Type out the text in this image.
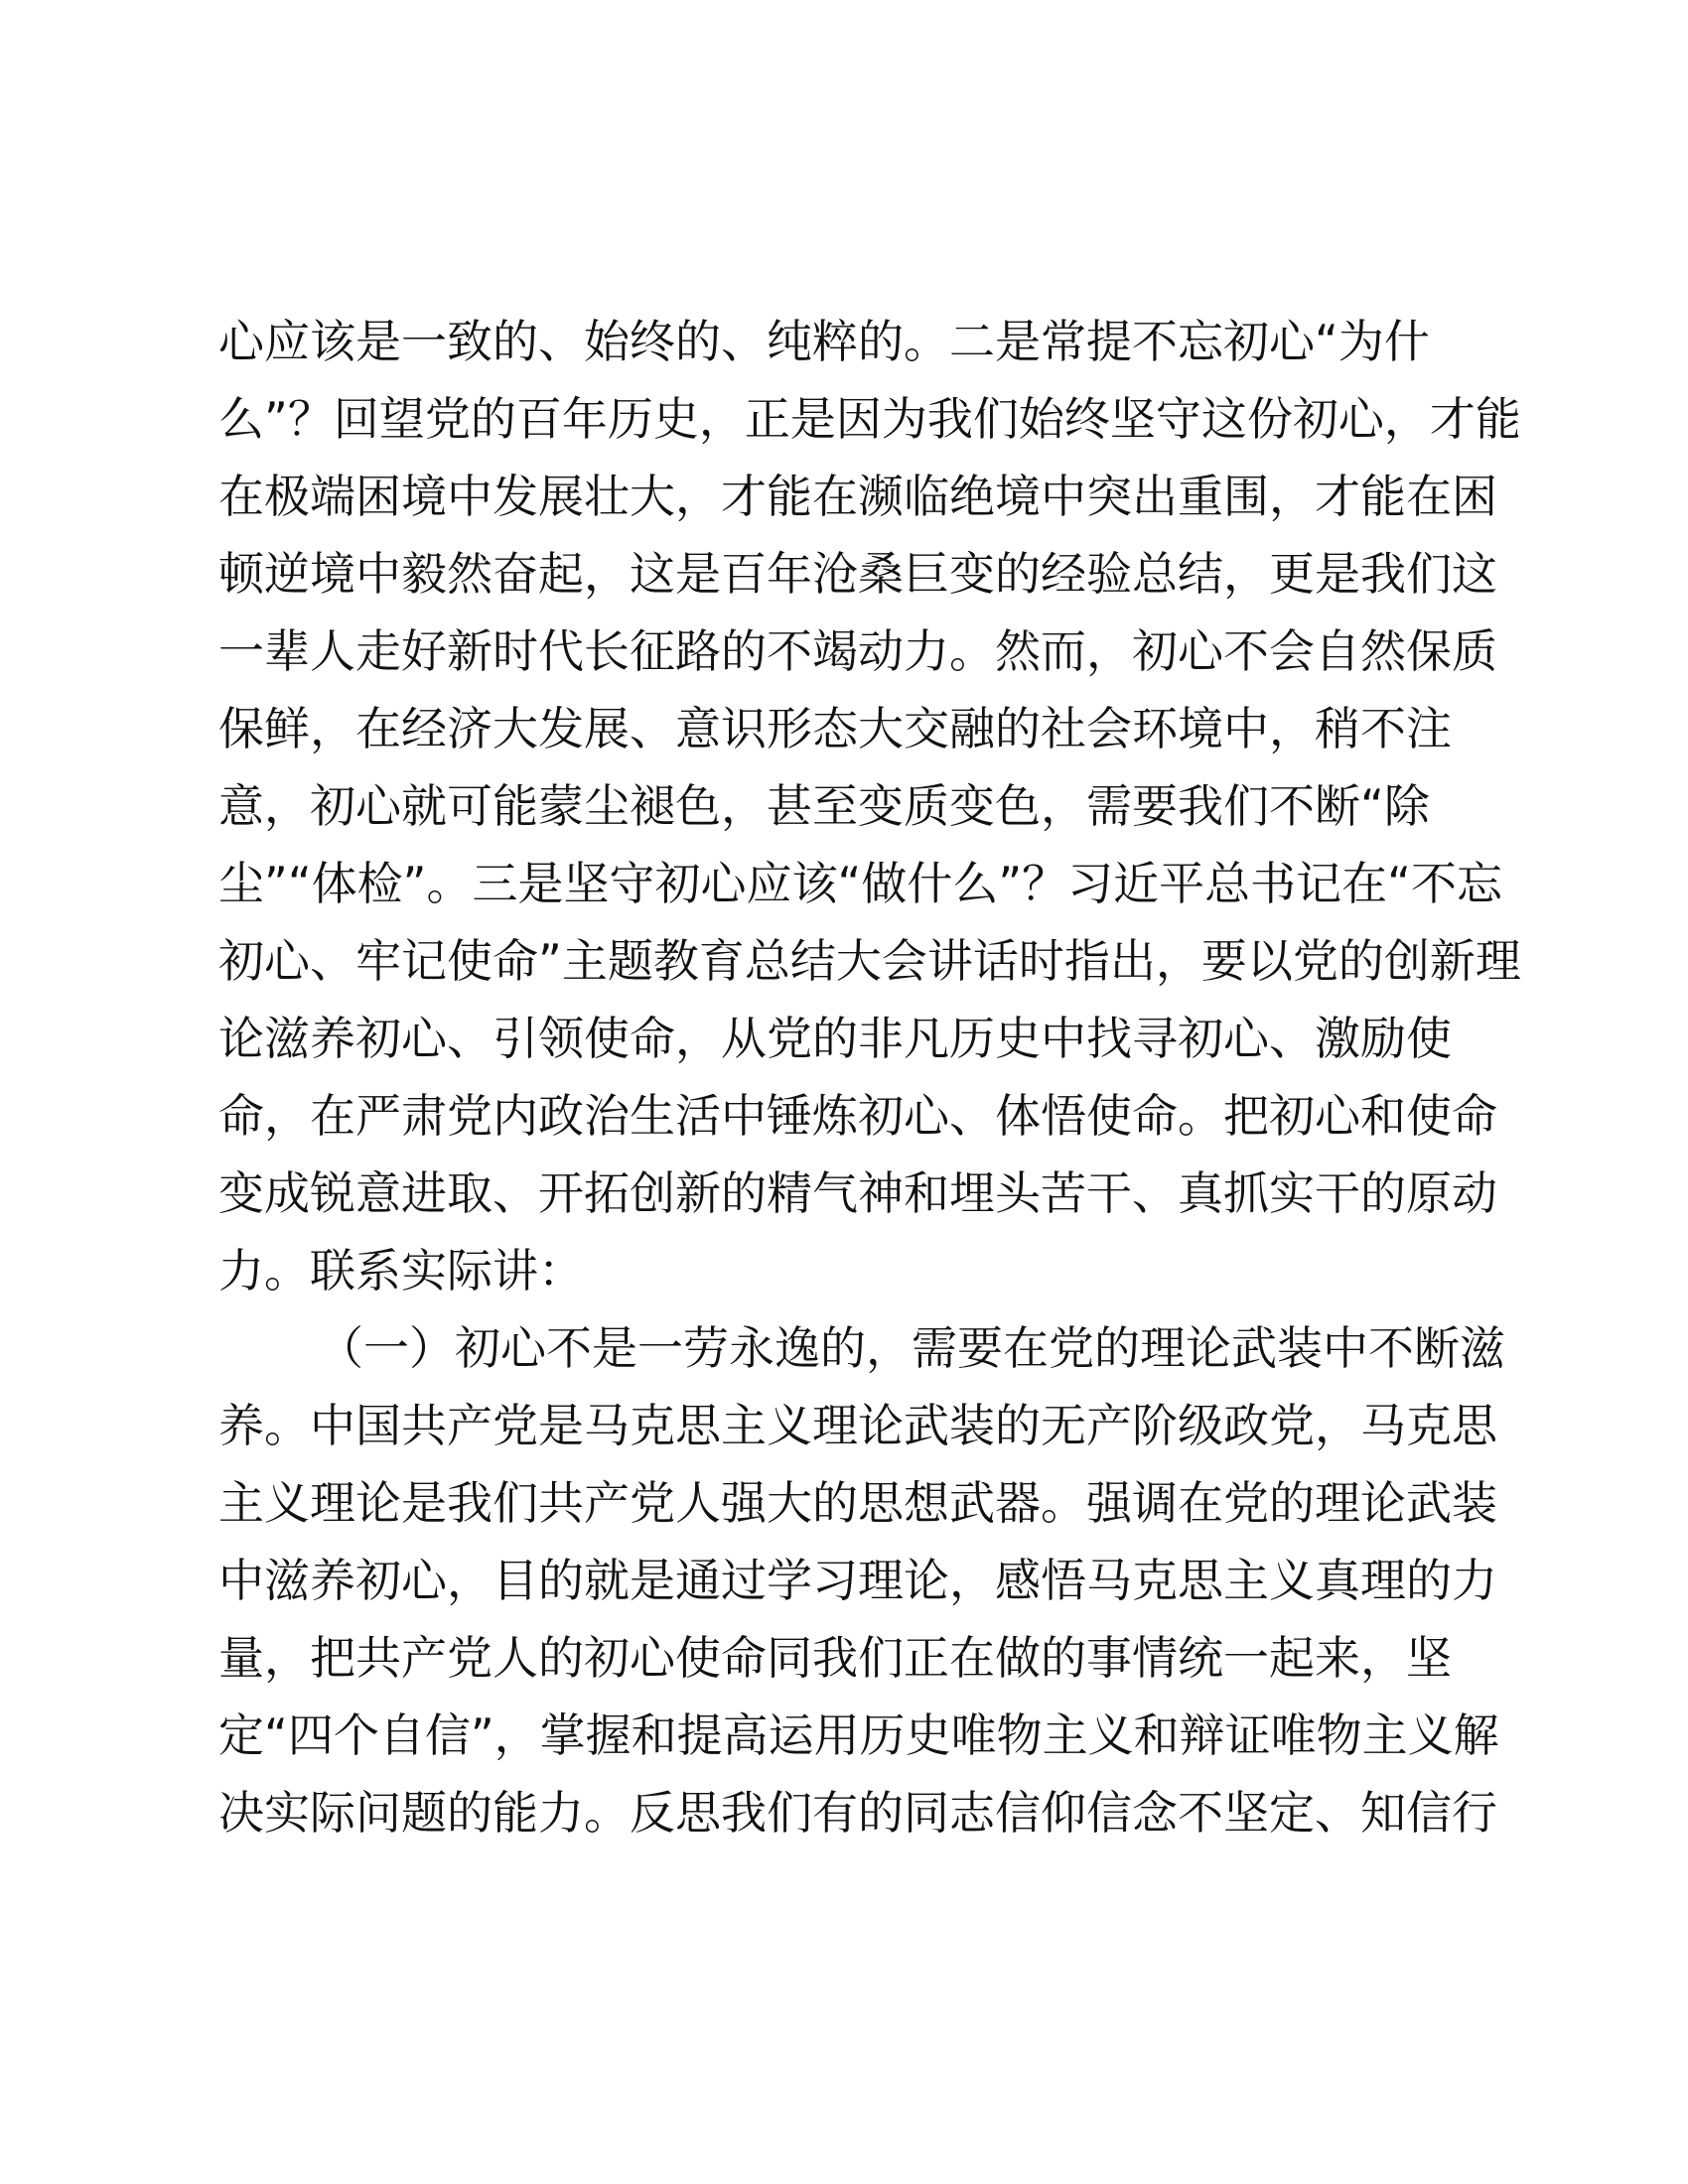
心应该是一致的、始终的、纯粹的。二是常提不忘初心“为什
么”？回望党的百年历史，正是因为我们始终坚守这份初心，才能
在极端困境中发展壮大，才能在濒临绝境中突出重围，才能在困
顿逆境中毅然奋起，这是百年沧桑巨变的经验总结，更是我们这
一辈人走好新时代长征路的不竭动力。然而，初心不会自然保质
保鲜，在经济大发展、意识形态大交融的社会环境中，稍不注
意，初心就可能蒙尘褪色，甚至变质变色，需要我们不断“除
尘”“体检”。三是坚守初心应该“做什么”？习近平总书记在“不忘
初心、牢记使命”主题教育总结大会讲话时指出，要以党的创新理
论滋养初心、引领使命，从党的非凡历史中找寻初心、激励使
命，在严肃党内政治生活中锤炼初心、体悟使命。把初心和使命
变成锐意进取、开拓创新的精气神和埋头苦干、真抓实干的原动
力。联系实际讲：
（一）初心不是一劳永逸的，需要在党的理论武装中不断滋
养。中国共产党是马克思主义理论武装的无产阶级政党，马克思
主义理论是我们共产党人强大的思想武器。强调在党的理论武装
中滋养初心，目的就是通过学习理论，感悟马克思主义真理的力
量，把共产党人的初心使命同我们正在做的事情统一起来，坚
定“四个自信”，掌握和提高运用历史唯物主义和辩证唯物主义解
决实际问题的能力。反思我们有的同志信仰信念不坚定、知信行
